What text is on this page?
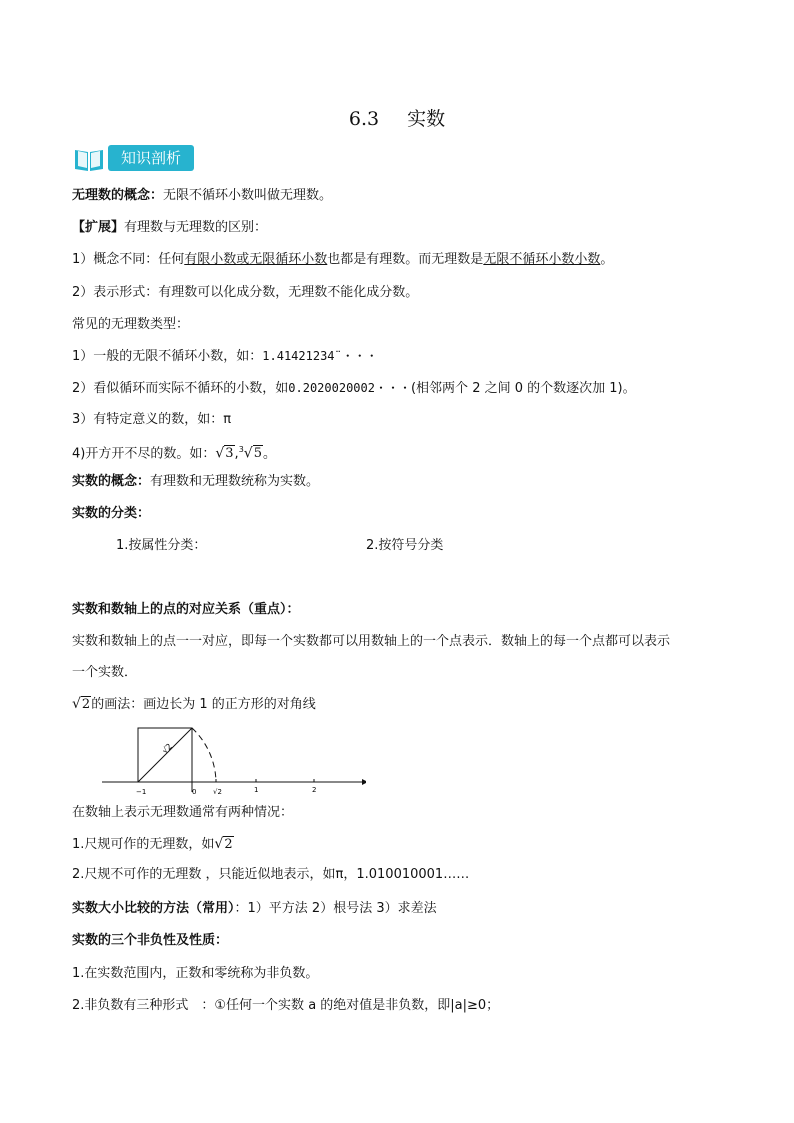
6.3 实数
知识剖析
无理数的概念：无限不循环小数叫做无理数。
【扩展】有理数与无理数的区别：
1）概念不同：任何有限小数或无限循环小数也都是有理数。而无理数是无限不循环小数小数。
2）表示形式：有理数可以化成分数，无理数不能化成分数。
常见的无理数类型：
1）一般的无限不循环小数，如：1.41421234¨・・・
2）看似循环而实际不循环的小数，如0.2020020002・・・(相邻两个 2 之间 0 的个数逐次加 1)。
3）有特定意义的数，如：π
4)开方开不尽的数。如：√3,$^3$√5。
实数的概念：有理数和无理数统称为实数。
实数的分类：
1.按属性分类：	2.按符号分类
实数和数轴上的点的对应关系（重点）：
实数和数轴上的点一一对应，即每一个实数都可以用数轴上的一个点表示．数轴上的每一个点都可以表示
一个实数．
√2的画法：画边长为 1 的正方形的对角线
−1	0 √2	1	2
√2
在数轴上表示无理数通常有两种情况：
1.尺规可作的无理数，如√2
2.尺规不可作的无理数 ，只能近似地表示，如π，1.010010001……
实数大小比较的方法（常用）：1）平方法 2）根号法 3）求差法
实数的三个非负性及性质：
1.在实数范围内，正数和零统称为非负数。
2.非负数有三种形式　：①任何一个实数 a 的绝对值是非负数，即|a|≥0；
